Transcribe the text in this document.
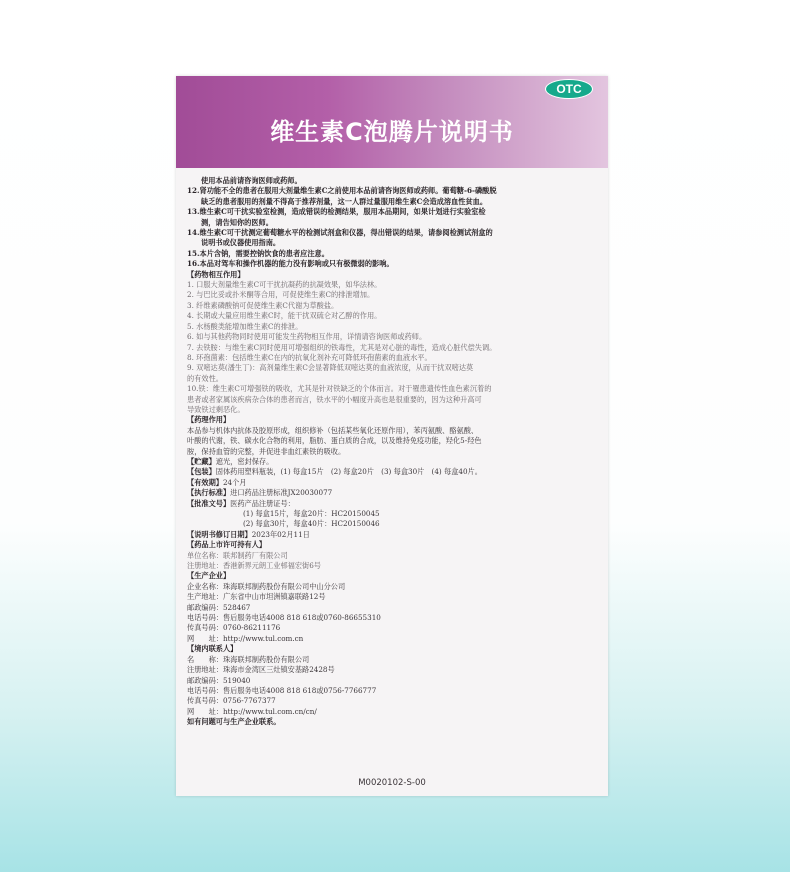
OTC
维生素C泡腾片说明书
使用本品前请咨询医师或药师。
12.肾功能不全的患者在服用大剂量维生素C之前使用本品前请咨询医师或药师。葡萄糖-6-磷酸脱
缺乏的患者服用的剂量不得高于推荐剂量，这一人群过量服用维生素C会造成溶血性贫血。
13.维生素C可干扰实验室检测，造成错误的检测结果，服用本品期间，如果计划进行实验室检
测，请告知你的医师。
14.维生素C可干扰测定葡萄糖水平的检测试剂盒和仪器，得出错误的结果，请参阅检测试剂盒的
说明书或仪器使用指南。
15.本片含钠，需要控钠饮食的患者应注意。
16.本品对驾车和操作机器的能力没有影响或只有极微弱的影响。
【药物相互作用】
1. 口服大剂量维生素C可干扰抗凝药的抗凝效果，如华法林。
2. 与巴比妥或扑米酮等合用，可促使维生素C的排泄增加。
3. 纤维素磷酸钠可促使维生素C代谢为草酸盐。
4. 长期或大量应用维生素C时，能干扰双硫仑对乙醇的作用。
5. 水杨酸类能增加维生素C的排泄。
6. 如与其他药物同时使用可能发生药物相互作用，详情请咨询医师或药师。
7. 去铁胺：与维生素C同时使用可增强组织的铁毒性，尤其是对心脏的毒性，造成心脏代偿失调。
8. 环孢菌素：包括维生素C在内的抗氧化剂补充可降低环孢菌素的血液水平。
9. 双嘧达莫(潘生丁)：高剂量维生素C会显著降低双嘧达莫的血液浓度，从而干扰双嘧达莫
的有效性。
10.铁：维生素C可增强铁的吸收，尤其是针对铁缺乏的个体而言。对于罹患遗传性血色素沉着的
患者或者家属该疾病杂合体的患者而言，铁水平的小幅度升高也是很重要的，因为这种升高可
导致铁过剩恶化。
【药理作用】
本品参与机体内抗体及胶原形成，组织修补（包括某些氧化还原作用），苯丙氨酸、酪氨酸、
叶酸的代谢，铁、碳水化合物的利用，脂肪、蛋白质的合成，以及维持免疫功能，羟化5-羟色
胺，保持血管的完整，并促进非血红素铁的吸收。
【贮藏】遮光，密封保存。
【包装】固体药用塑料瓶装，(1) 每盒15片　(2) 每盒20片　(3) 每盒30片　(4) 每盒40片。
【有效期】24个月
【执行标准】进口药品注册标准JX20030077
【批准文号】医药产品注册证号：
(1) 每盒15片，每盒20片：HC20150045
(2) 每盒30片，每盒40片：HC20150046
【说明书修订日期】2023年02月11日
【药品上市许可持有人】
单位名称：联邦制药厂有限公司
注册地址：香港新界元朗工业邨福宏街6号
【生产企业】
企业名称：珠海联邦制药股份有限公司中山分公司
生产地址：广东省中山市坦洲镇嘉联路12号
邮政编码：528467
电话号码：售后服务电话4008 818 618或0760-86655310
传真号码：0760-86211176
网　　址：http://www.tul.com.cn
【境内联系人】
名　　称：珠海联邦制药股份有限公司
注册地址：珠海市金湾区三灶镇安基路2428号
邮政编码：519040
电话号码：售后服务电话4008 818 618或0756-7766777
传真号码：0756-7767377
网　　址：http://www.tul.com.cn/cn/
如有问题可与生产企业联系。
M0020102-S-00
